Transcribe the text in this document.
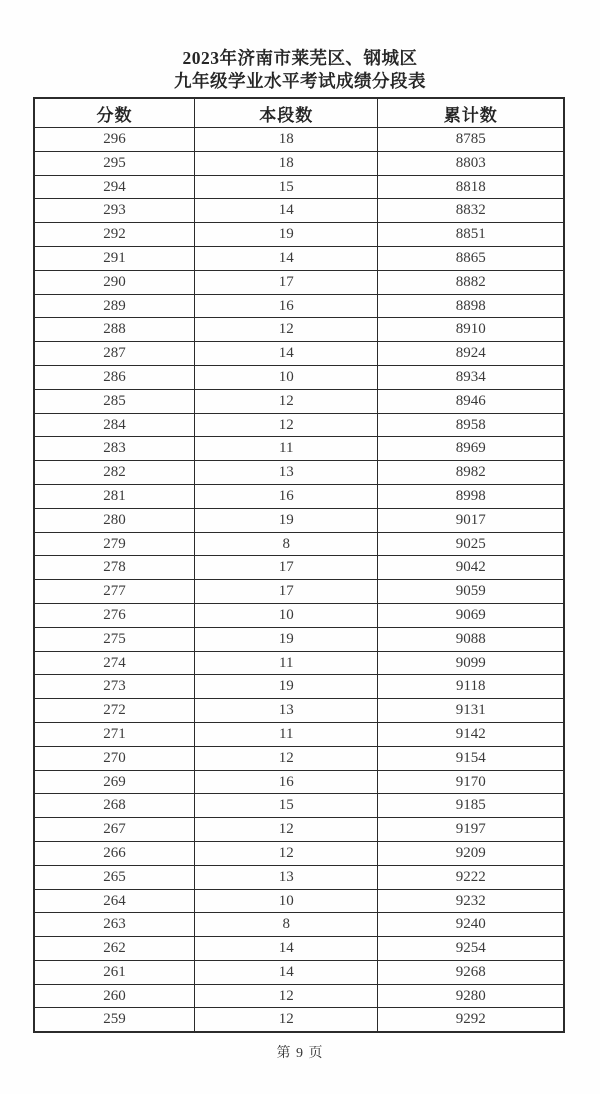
2023年济南市莱芜区、钢城区
九年级学业水平考试成绩分段表
分数	本段数	累计数
296	18	8785
295	18	8803
294	15	8818
293	14	8832
292	19	8851
291	14	8865
290	17	8882
289	16	8898
288	12	8910
287	14	8924
286	10	8934
285	12	8946
284	12	8958
283	11	8969
282	13	8982
281	16	8998
280	19	9017
279	8	9025
278	17	9042
277	17	9059
276	10	9069
275	19	9088
274	11	9099
273	19	9118
272	13	9131
271	11	9142
270	12	9154
269	16	9170
268	15	9185
267	12	9197
266	12	9209
265	13	9222
264	10	9232
263	8	9240
262	14	9254
261	14	9268
260	12	9280
259	12	9292
第 9 页
